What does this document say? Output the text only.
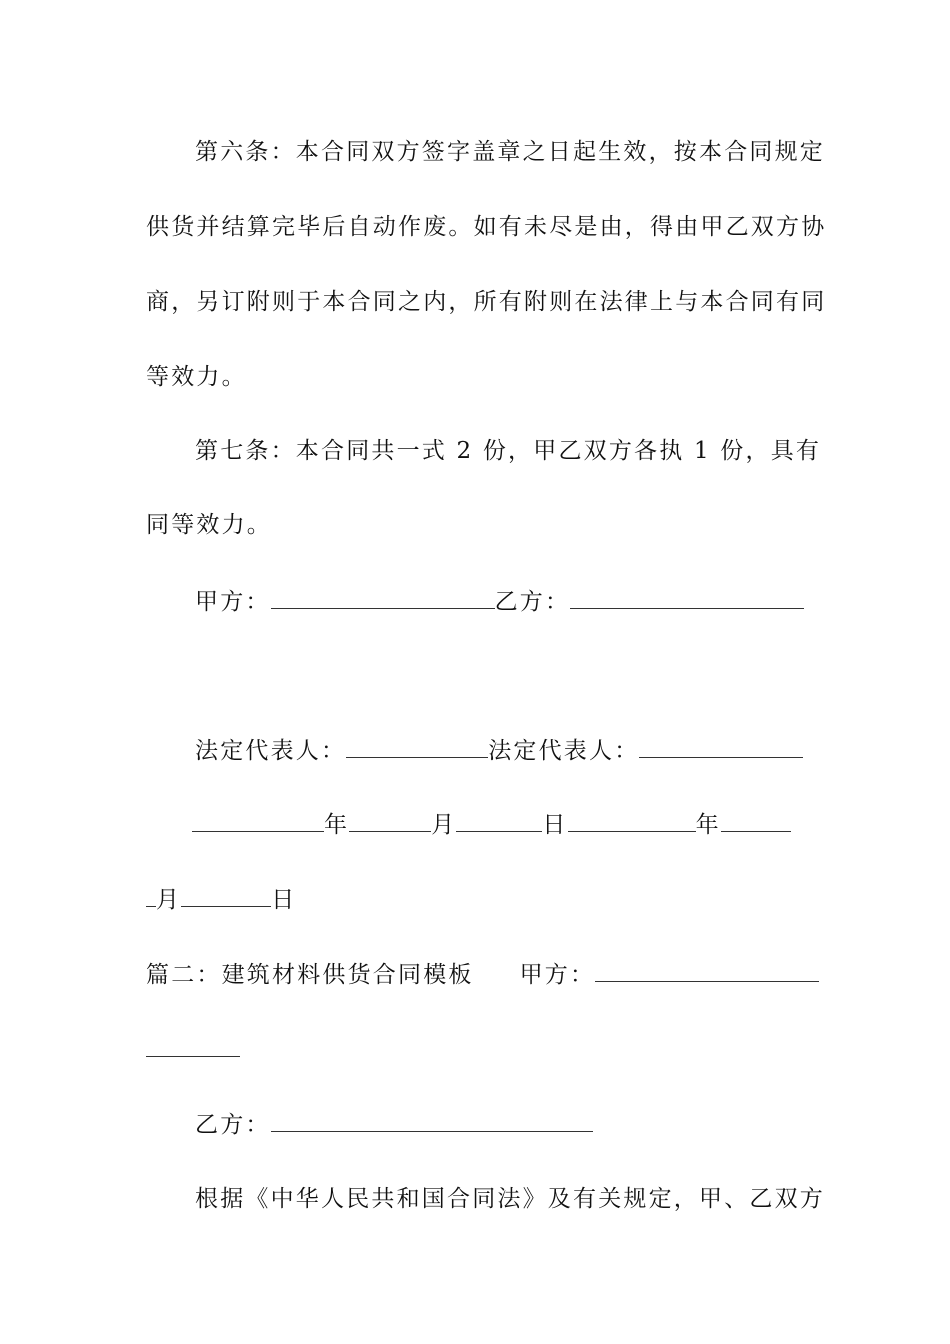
第六条：本合同双方签字盖章之日起生效，按本合同规定
供货并结算完毕后自动作废。如有未尽是由，得由甲乙双方协
商，另订附则于本合同之内，所有附则在法律上与本合同有同
等效力。
第七条：本合同共一式 2 份，甲乙双方各执 1 份，具有
同等效力。
甲方：	乙方：
法定代表人：	法定代表人：
年	月	日	年
月	日
篇二：建筑材料供货合同模板 甲方：
乙方：
根据《中华人民共和国合同法》及有关规定，甲、乙双方
